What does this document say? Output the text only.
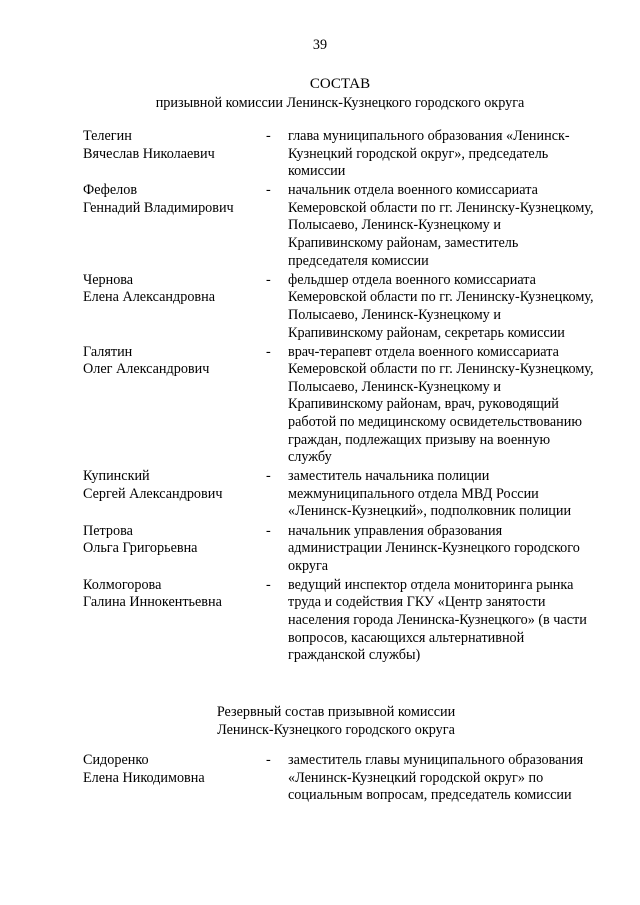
39
СОСТАВ
призывной комиссии Ленинск-Кузнецкого городского округа
Телегин
Вячеслав Николаевич
- глава муниципального образования «Ленинск-Кузнецкий городской округ», председатель комиссии
Фефелов
Геннадий Владимирович
- начальник отдела военного комиссариата Кемеровской области по гг. Ленинску-Кузнецкому, Полысаево, Ленинск-Кузнецкому и Крапивинскому районам, заместитель председателя комиссии
Чернова
Елена Александровна
- фельдшер отдела военного комиссариата Кемеровской области по гг. Ленинску-Кузнецкому, Полысаево, Ленинск-Кузнецкому и Крапивинскому районам, секретарь комиссии
Галятин
Олег Александрович
- врач-терапевт отдела военного комиссариата Кемеровской области по гг. Ленинску-Кузнецкому, Полысаево, Ленинск-Кузнецкому и Крапивинскому районам, врач, руководящий работой по медицинскому освидетельствованию граждан, подлежащих призыву на военную службу
Купинский
Сергей Александрович
- заместитель начальника полиции межмуниципального отдела МВД России «Ленинск-Кузнецкий», подполковник полиции
Петрова
Ольга Григорьевна
- начальник управления образования администрации Ленинск-Кузнецкого городского округа
Колмогорова
Галина Иннокентьевна
- ведущий инспектор отдела мониторинга рынка труда и содействия ГКУ «Центр занятости населения города Ленинска-Кузнецкого» (в части вопросов, касающихся альтернативной гражданской службы)
Резервный состав призывной комиссии
Ленинск-Кузнецкого городского округа
Сидоренко
Елена Никодимовна
- заместитель главы муниципального образования «Ленинск-Кузнецкий городской округ» по социальным вопросам, председатель комиссии
